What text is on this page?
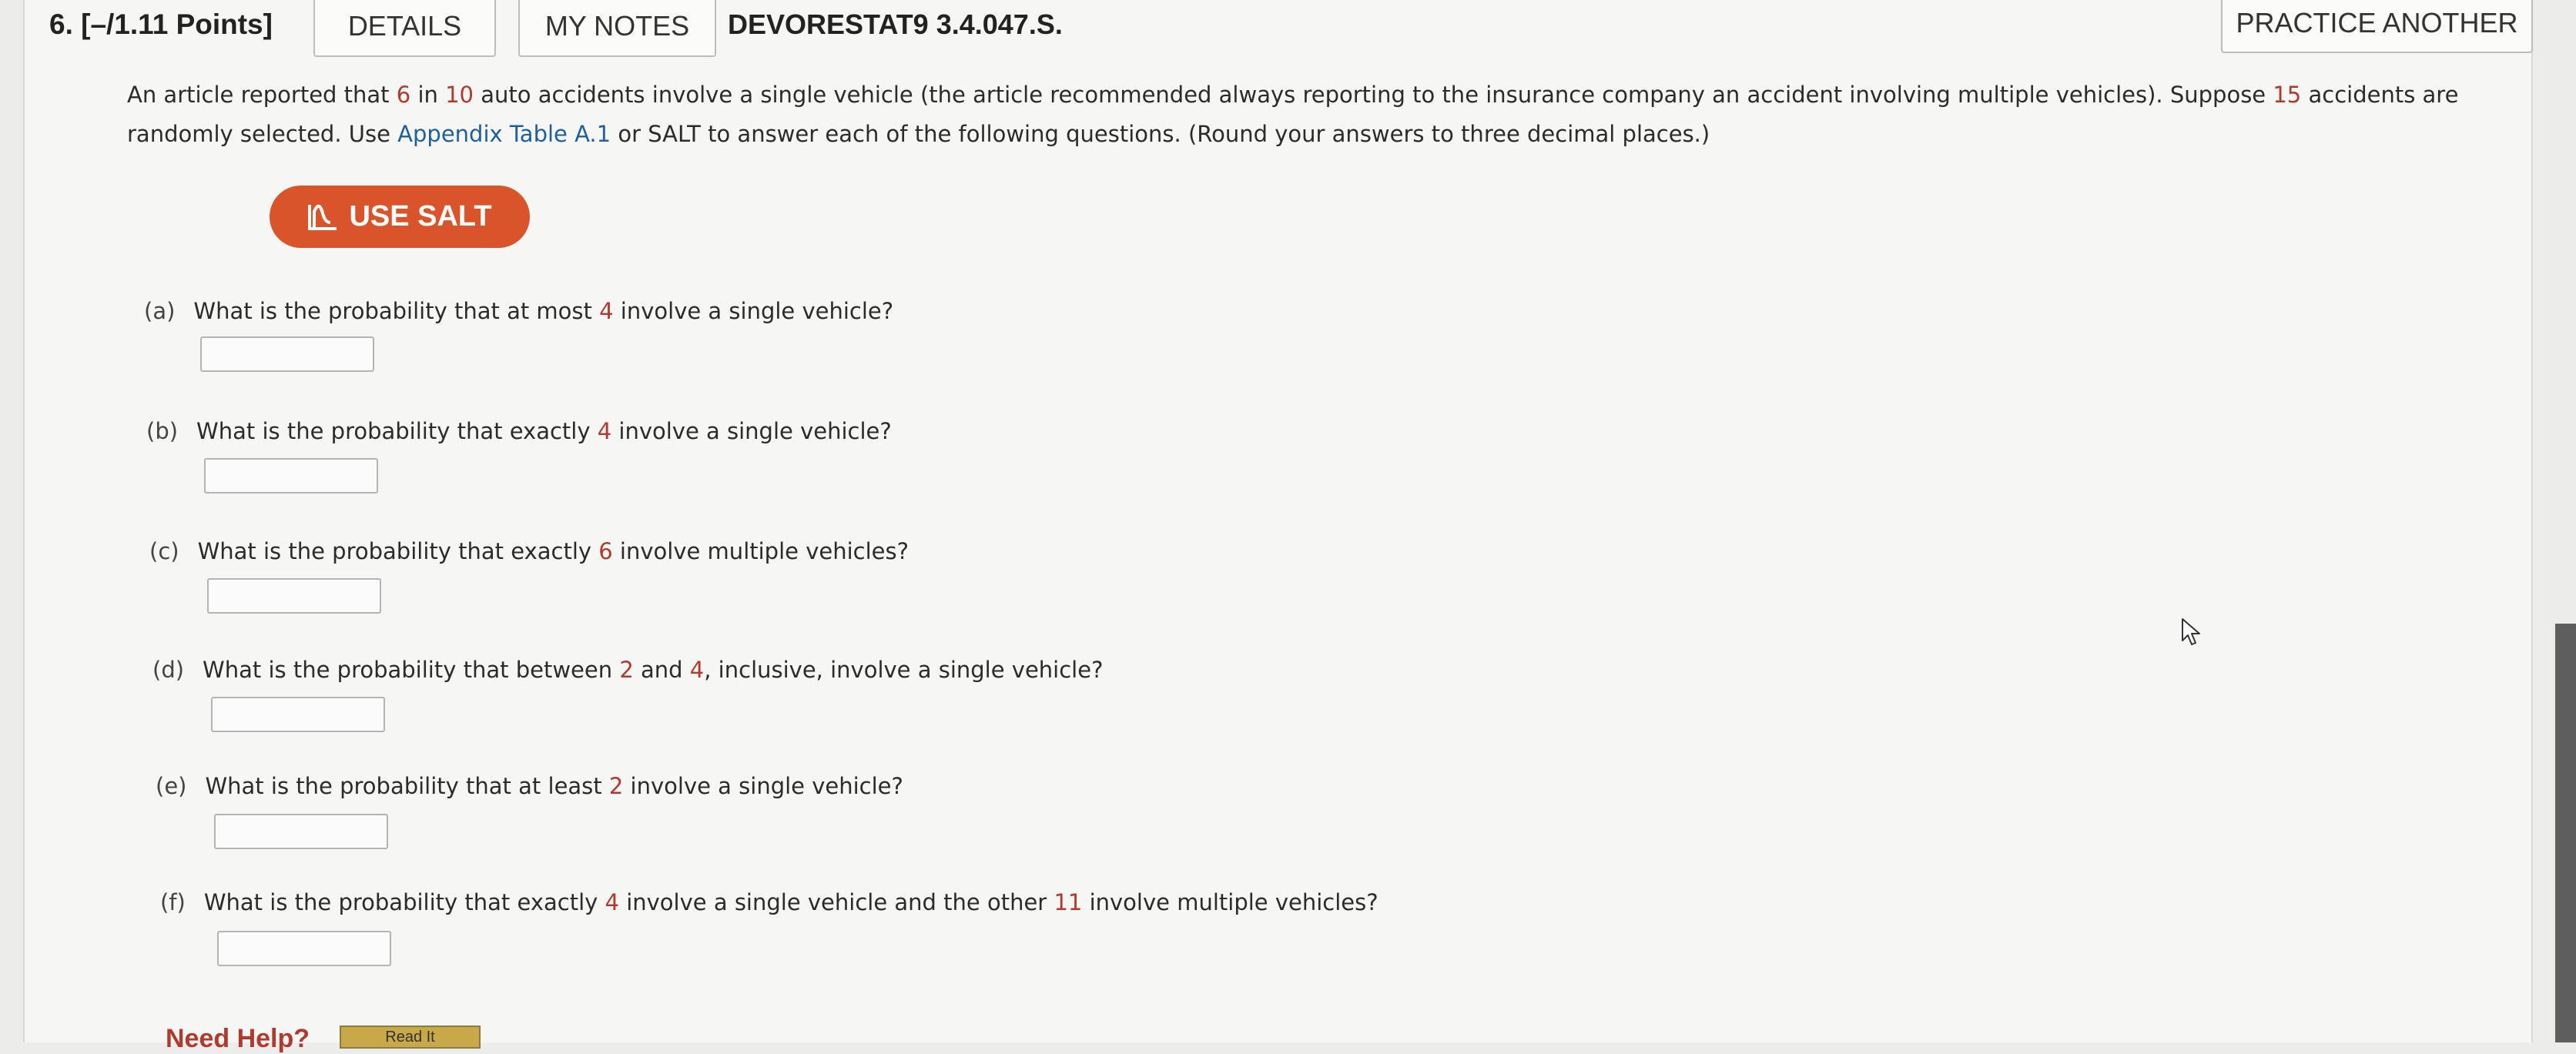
6. [–/1.11 Points]	DETAILS	MY NOTES DEVORESTAT9 3.4.047.S.	PRACTICE ANOTHER
An article reported that 6 in 10 auto accidents involve a single vehicle (the article recommended always reporting to the insurance company an accident involving multiple vehicles). Suppose 15 accidents are randomly selected. Use Appendix Table A.1 or SALT to answer each of the following questions. (Round your answers to three decimal places.)
USE SALT
(a) What is the probability that at most 4 involve a single vehicle?
(b) What is the probability that exactly 4 involve a single vehicle?
(c) What is the probability that exactly 6 involve multiple vehicles?
(d) What is the probability that between 2 and 4, inclusive, involve a single vehicle?
(e) What is the probability that at least 2 involve a single vehicle?
(f) What is the probability that exactly 4 involve a single vehicle and the other 11 involve multiple vehicles?
Need Help?	Read It
